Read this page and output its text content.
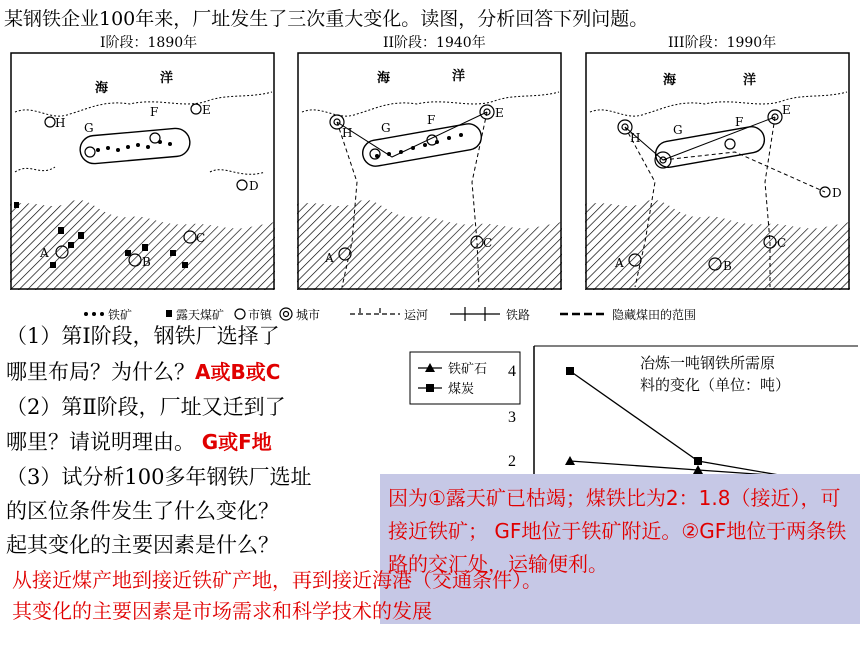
某钢铁企业100年来，厂址发生了三次重大变化。读图，分析回答下列问题。
I阶段：1890年	II阶段：1940年	III阶段：1990年
海
洋
H G
F	E
D
A
B
C
海	洋
H G
F	E
A
C
海	洋
H
G
F
E
D
A	B
C
铁矿	露天煤矿 市镇 城市	运河	铁路	隐藏煤田的范围
（1）第Ⅰ阶段，钢铁厂选择了
哪里布局？为什么？A或B或C
（2）第Ⅱ阶段，厂址又迁到了
哪里？请说明理由。 G或F地
（3）试分析100多年钢铁厂选址
的区位条件发生了什么变化？
起其变化的主要因素是什么？
铁矿石
煤炭
4
3
2
冶炼一吨钢铁所需原
料的变化（单位：吨）
因为①露天矿已枯竭；煤铁比为2：1.8（接近），可接近铁矿； GF地位于铁矿附近。②GF地位于两条铁路的交汇处，运输便利。
从接近煤产地到接近铁矿产地，再到接近海港（交通条件）。
其变化的主要因素是市场需求和科学技术的发展
